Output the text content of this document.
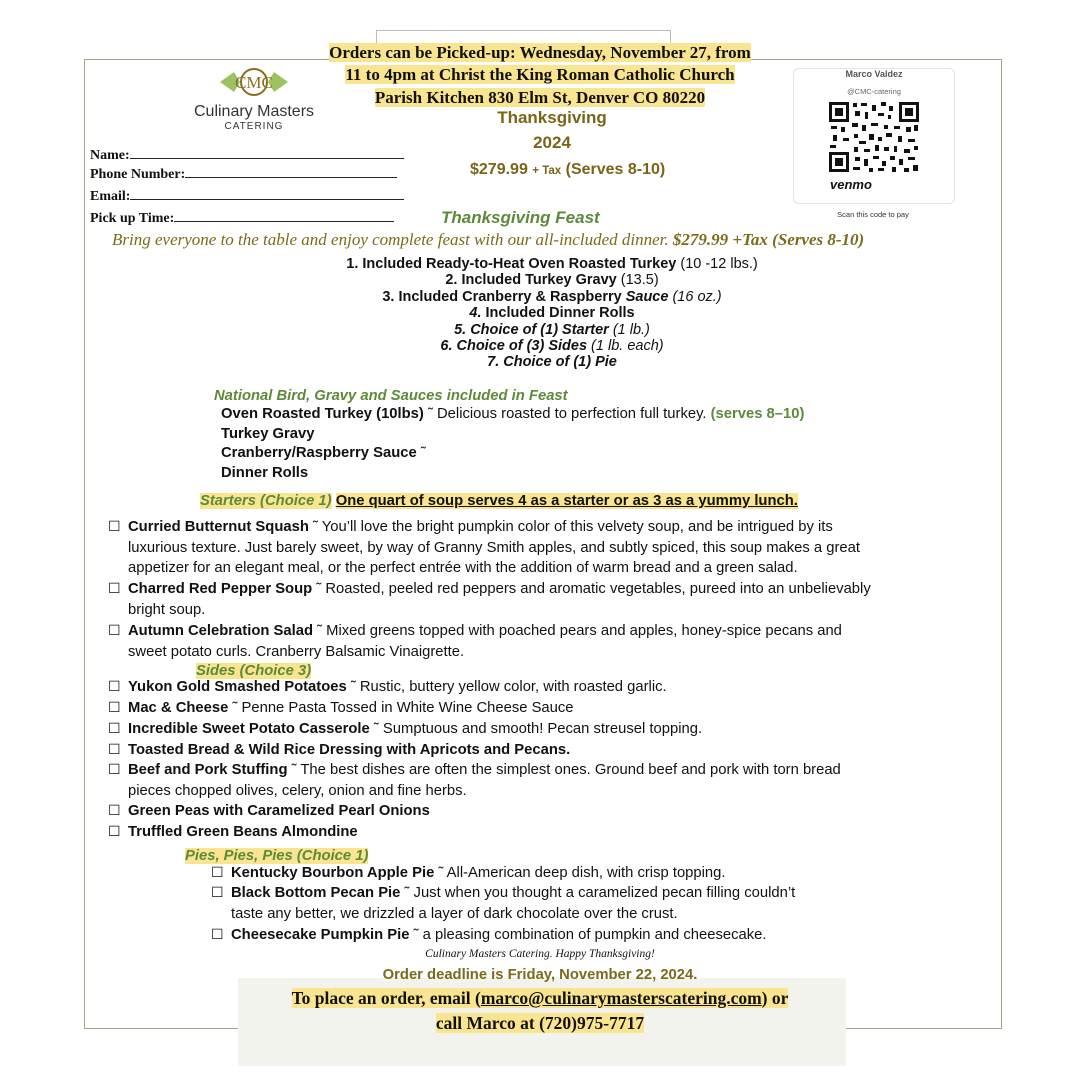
Orders can be Picked-up: Wednesday, November 27, from
11 to 4pm at Christ the King Roman Catholic Church
Parish Kitchen 830 Elm St, Denver CO 80220
CMC
Culinary Masters
CATERING	Thanksgiving
2024
$279.99 + Tax (Serves 8-10)
Marco Valdez
@CMC-catering
venmo
Scan this code to pay
Name:
Phone Number:
Email:
Pick up Time:	Thanksgiving Feast
Bring everyone to the table and enjoy complete feast with our all-included dinner. $279.99 +Tax (Serves 8-10)
1. Included Ready-to-Heat Oven Roasted Turkey (10 -12 lbs.)
2. Included Turkey Gravy (13.5)
3. Included Cranberry & Raspberry Sauce (16 oz.)
4. Included Dinner Rolls
5. Choice of (1) Starter (1 lb.)
6. Choice of (3) Sides (1 lb. each)
7. Choice of (1) Pie
National Bird, Gravy and Sauces included in Feast
Oven Roasted Turkey (10lbs) ˜ Delicious roasted to perfection full turkey. (serves 8–10)
Turkey Gravy
Cranberry/Raspberry Sauce ˜
Dinner Rolls
Starters (Choice 1) One quart of soup serves 4 as a starter or as 3 as a yummy lunch.
☐ Curried Butternut Squash ˜ You’ll love the bright pumpkin color of this velvety soup, and be intrigued by its
luxurious texture. Just barely sweet, by way of Granny Smith apples, and subtly spiced, this soup makes a great
appetizer for an elegant meal, or the perfect entrée with the addition of warm bread and a green salad.
☐ Charred Red Pepper Soup ˜ Roasted, peeled red peppers and aromatic vegetables, pureed into an unbelievably
bright soup.
☐ Autumn Celebration Salad ˜ Mixed greens topped with poached pears and apples, honey-spice pecans and
sweet potato curls. Cranberry Balsamic Vinaigrette.
Sides (Choice 3)
☐ Yukon Gold Smashed Potatoes ˜ Rustic, buttery yellow color, with roasted garlic.
☐ Mac & Cheese ˜ Penne Pasta Tossed in White Wine Cheese Sauce
☐ Incredible Sweet Potato Casserole ˜ Sumptuous and smooth! Pecan streusel topping.
☐ Toasted Bread & Wild Rice Dressing with Apricots and Pecans.
☐ Beef and Pork Stuffing ˜ The best dishes are often the simplest ones. Ground beef and pork with torn bread
pieces chopped olives, celery, onion and fine herbs.
☐ Green Peas with Caramelized Pearl Onions
☐ Truffled Green Beans Almondine
Pies, Pies, Pies (Choice 1)
☐ Kentucky Bourbon Apple Pie ˜ All-American deep dish, with crisp topping.
☐ Black Bottom Pecan Pie ˜ Just when you thought a caramelized pecan filling couldn’t
taste any better, we drizzled a layer of dark chocolate over the crust.
☐ Cheesecake Pumpkin Pie ˜ a pleasing combination of pumpkin and cheesecake.
Culinary Masters Catering. Happy Thanksgiving!
Order deadline is Friday, November 22, 2024.
To place an order, email (marco@culinarymasterscatering.com) or
call Marco at (720)975-7717
